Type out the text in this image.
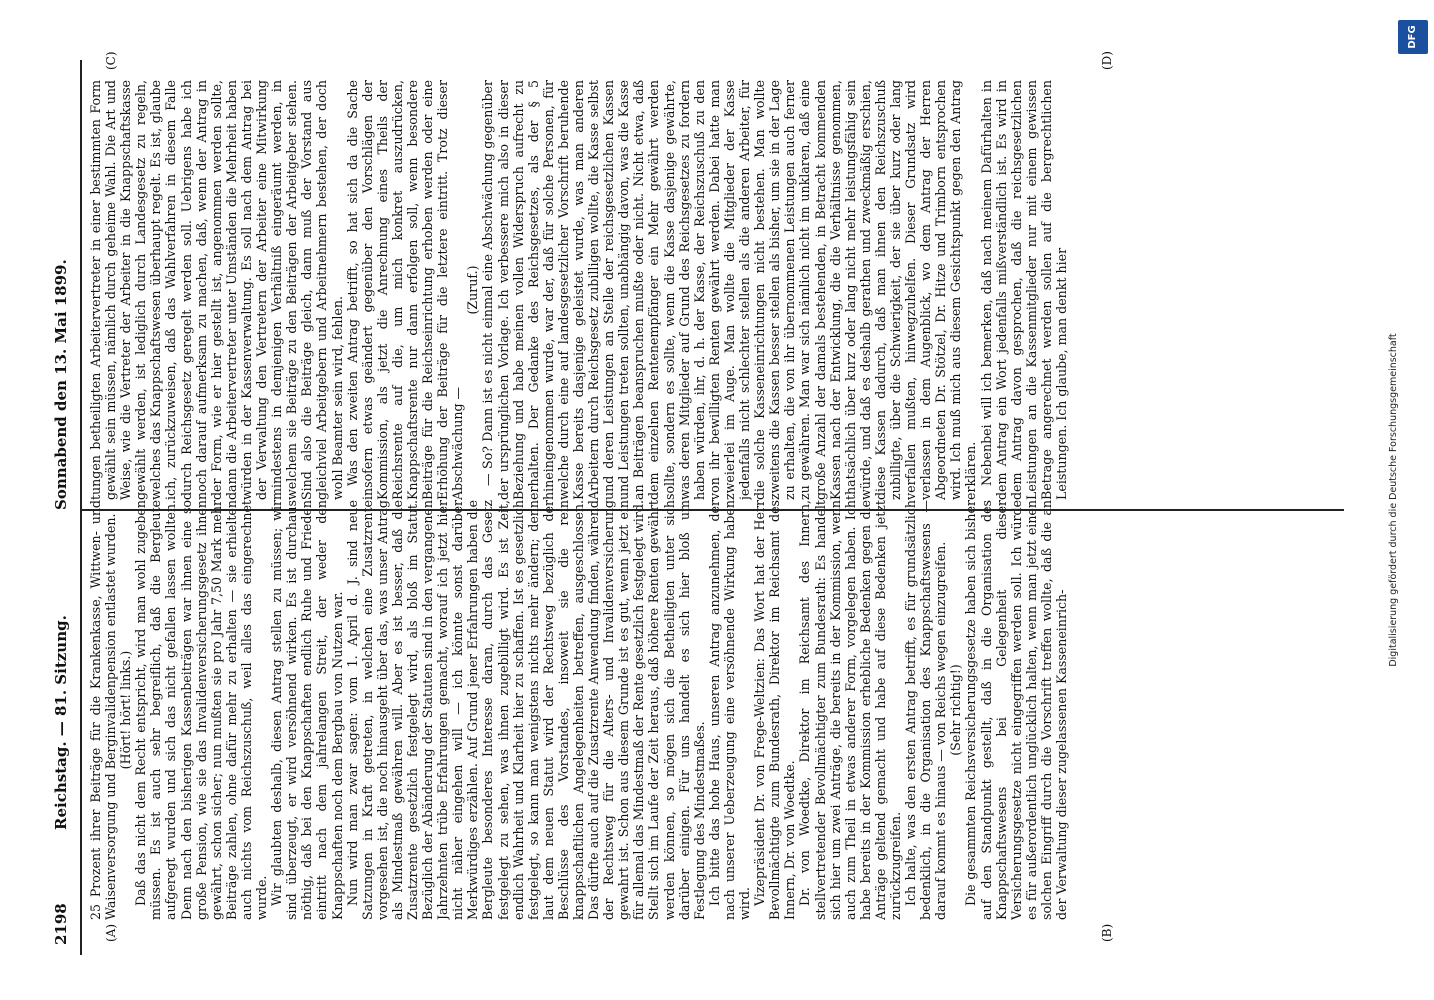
2198
Reichstag. — 81. Sitzung.
Sonnabend den 13. Mai 1899.
(A)	(B)
(C)	(D)

25 Prozent ihrer Beiträge für die Krankenkasse, Wittwen- und Waisenversorgung und Berginvalidenpension entlastet wurden. (Hört! hört! links.) Daß das nicht dem Recht entspricht, wird man wohl zugeben müssen. Es ist auch sehr begreiflich, daß die Bergleute aufgeregt wurden und sich das nicht gefallen lassen wollten. Denn nach den bisherigen Kassenbeiträgen war ihnen eine so große Pension, wie sie das Invalidenversicherungsgesetz ihnen gewährt, schon sicher; nun mußten sie pro Jahr 7,50 Mark mehr Beiträge zahlen, ohne dafür mehr zu erhalten — sie erhielten auch nichts vom Reichszuschuß, weil alles das eingerechnet wurde. Wir glaubten deshalb, diesen Antrag stellen zu müssen; wir sind überzeugt, er wird versöhnend wirken. Es ist durchaus nöthig, daß bei den Knappschaften endlich Ruhe und Frieden eintritt nach dem jahrelangen Streit, der weder den Knappschaften noch dem Bergbau von Nutzen war. Nun wird man zwar sagen: vom 1. April d. J. sind neue Satzungen in Kraft getreten, in welchen eine Zusatzrente vorgesehen ist, die noch hinausgeht über das, was unser Antrag als Mindestmaß gewähren will. Aber es ist besser, daß die Zusatzrente gesetzlich festgelegt wird, als bloß im Statut. Bezüglich der Abänderung der Statuten sind in den vergangenen Jahrzehnten trübe Erfahrungen gemacht, worauf ich jetzt hier nicht näher eingehen will — ich könnte sonst darüber Merkwürdiges erzählen. Auf Grund jener Erfahrungen haben die Bergleute besonderes Interesse daran, durch das Gesetz festgelegt zu sehen, was ihnen zugebilligt wird. Es ist Zeit, endlich Wahrheit und Klarheit hier zu schaffen. Ist es gesetzlich festgelegt, so kann man wenigstens nichts mehr ändern; denn laut dem neuen Statut wird der Rechtsweg bezüglich der Beschlüsse des Vorstandes, insoweit sie die rein knappschaftlichen Angelegenheiten betreffen, ausgeschlossen. Das dürfte auch auf die Zusatzrente Anwendung finden, während der Rechtsweg für die Alters- und Invalidenversicherung gewahrt ist. Schon aus diesem Grunde ist es gut, wenn jetzt ein für allemal das Mindestmaß der Rente gesetzlich festgelegt wird. Stellt sich im Laufe der Zeit heraus, daß höhere Renten gewährt werden können, so mögen sich die Betheiligten unter sich darüber einigen. Für uns handelt es sich hier bloß um Festlegung des Mindestmaßes. Ich bitte das hohe Haus, unseren Antrag anzunehmen, der nach unserer Ueberzeugung eine versöhnende Wirkung haben wird. Vizepräsident Dr. von Frege-Weltzien: Das Wort hat der Herr Bevollmächtigte zum Bundesrath, Direktor im Reichsamt des Innern, Dr. von Woedtke. Dr. von Woedtke, Direktor im Reichsamt des Innern, stellvertretender Bevollmächtigter zum Bundesrath: Es handelt sich hier um zwei Anträge, die bereits in der Kommission, wenn auch zum Theil in etwas anderer Form, vorgelegen haben. Ich habe bereits in der Kommission erhebliche Bedenken gegen die Anträge geltend gemacht und habe auf diese Bedenken jetzt zurückzugreifen. Ich halte, was den ersten Antrag betrifft, es für grundsätzlich bedenklich, in die Organisation des Knappschaftswesens — darauf kommt es hinaus — von Reichs wegen einzugreifen. (Sehr richtig!) Die gesammten Reichsversicherungsgesetze haben sich bisher auf den Standpunkt gestellt, daß in die Organisation des Knappschaftswesens bei Gelegenheit dieser Versicherungsgesetze nicht eingegriffen werden soll. Ich würde es für außerordentlich unglücklich halten, wenn man jetzt einen solchen Eingriff durch die Vorschrift treffen wollte, daß die an der Verwaltung dieser zugelassenen Kasseneinrich-

tungen betheiligten Arbeitervertreter in einer bestimmten Form gewählt sein müssen, nämlich durch geheime Wahl. Die Art und Weise, wie die Vertreter der Arbeiter in die Knappschaftskasse gewählt werden, ist lediglich durch Landesgesetz zu regeln, welches das Knappschaftswesen überhaupt regelt. Es ist, glaube ich, zurückzuweisen, daß das Wahlverfahren in diesem Falle durch Reichsgesetz geregelt werden soll. Uebrigens habe ich noch darauf aufmerksam zu machen, daß, wenn der Antrag in der Form, wie er hier gestellt ist, angenommen werden sollte, dann die Arbeitervertreter unter Umständen die Mehrheit haben würden in der Kassenverwaltung. Es soll nach dem Antrag bei der Verwaltung den Vertretern der Arbeiter eine Mitwirkung mindestens in demjenigen Verhältniß eingeräumt werden, in welchem sie Beiträge zu den Beiträgen der Arbeitgeber stehen. Sind also die Beiträge gleich, dann muß der Vorstand aus gleichviel Arbeitgebern und Arbeitnehmern bestehen, der doch wohl Beamter sein wird, fehlen. Was den zweiten Antrag betrifft, so hat sich da die Sache insofern etwas geändert gegenüber den Vorschlägen der Kommission, als jetzt die Anrechnung eines Theils der Reichsrente auf die, um mich konkret auszudrücken, Knappschaftsrente nur dann erfolgen soll, wenn besondere Beiträge für die Reichseinrichtung erhoben werden oder eine Erhöhung der Beiträge für die letztere eintritt. Trotz dieser Abschwächung —

(Zuruf.) — So? Dann ist es nicht einmal eine Abschwächung gegenüber der ursprünglichen Vorlage. Ich verbessere mich also in dieser Beziehung und habe meinen vollen Widerspruch aufrecht zu erhalten. Der Gedanke des Reichsgesetzes, als der § 5 hineingenommen wurde, war der, daß für solche Personen, für welche durch eine auf landesgesetzlicher Vorschrift beruhende Kasse bereits dasjenige geleistet wurde, was man anderen Arbeitern durch Reichsgesetz zubilligen wollte, die Kasse selbst und deren Leistungen an Stelle der reichsgesetzlichen Kassen und Leistungen treten sollten, unabhängig davon, was die Kasse an Beiträgen beanspruchen mußte oder nicht. Nicht etwa, daß dem einzelnen Rentenempfänger ein Mehr gewährt werden sollte, sondern es sollte, wenn die Kasse dasjenige gewährte, was deren Mitglieder auf Grund des Reichsgesetzes zu fordern haben würden, ihr, d. h. der Kasse, der Reichszuschuß zu den von ihr bewilligten Renten gewährt werden. Dabei hatte man zweierlei im Auge. Man wollte die Mitglieder der Kasse jedenfalls nicht schlechter stellen als die anderen Arbeiter, für die solche Kasseneinrichtungen nicht bestehen. Man wollte zweitens die Kassen besser stellen als bisher, um sie in der Lage zu erhalten, die von ihr übernommenen Leistungen auch ferner zu gewähren. Man war sich nämlich nicht im unklaren, daß eine große Anzahl der damals bestehenden, in Betracht kommenden Kassen nach der Entwicklung, die die Verhältnisse genommen, thatsächlich über kurz oder lang nicht mehr leistungsfähig sein würde, und daß es deshalb gerathen und zweckmäßig erschien, diese Kassen dadurch, daß man ihnen den Reichszuschuß zubilligte, über die Schwierigkeit, der sie über kurz oder lang verfallen mußten, hinwegzuhelfen. Dieser Grundsatz wird verlassen in dem Augenblick, wo dem Antrag der Herren Abgeordneten Dr. Stötzel, Dr. Hitze und Trimborn entsprochen wird. Ich muß mich aus diesem Gesichtspunkt gegen den Antrag erklären. Nebenbei will ich bemerken, daß nach meinem Dafürhalten in dem Antrag ein Wort jedenfalls mißverständlich ist. Es wird in dem Antrag davon gesprochen, daß die reichsgesetzlichen Leistungen an die Kassenmitglieder nur mit einem gewissen Betrage angerechnet werden sollen auf die bergrechtlichen Leistungen. Ich glaube, man denkt hier	Digitalisierung gefördert durch die Deutsche Forschungsgemeinschaft
DFG
